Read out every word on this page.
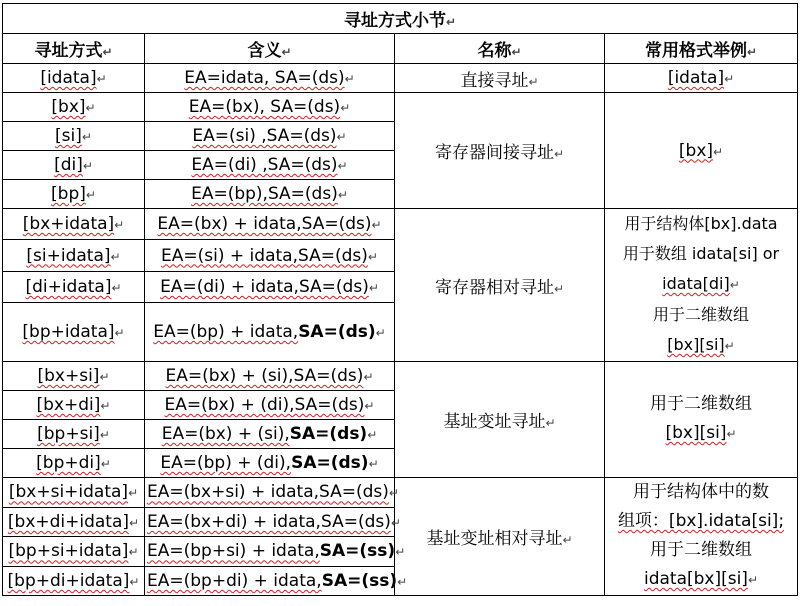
寻址方式小节↵			
寻址方式↵	含义↵	名称↵	常用格式举例↵
[idata]↵	EA=idata, SA=(ds)↵	直接寻址↵	[idata]↵
[bx]↵	EA=(bx), SA=(ds)↵	寄存器间接寻址↵	[bx]↵
[si]↵	EA=(si) ,SA=(ds)↵		
[di]↵	EA=(di) ,SA=(ds)↵		
[bp]↵	EA=(bp),SA=(ds)↵		
[bx+idata]↵	EA=(bx) + idata,SA=(ds)↵	寄存器相对寻址↵	用于结构体[bx].data
用于数组 idata[si] or
idata[di]↵
用于二维数组
[bx][si]↵

[si+idata]↵	EA=(si) + idata,SA=(ds)↵		
[di+idata]↵	EA=(di) + idata,SA=(ds)↵		
[bp+idata]↵	EA=(bp) + idata,SA=(ds)↵		
[bx+si]↵	EA=(bx) + (si),SA=(ds)↵	基址变址寻址↵	用于二维数组
[bx][si]↵

[bx+di]↵	EA=(bx) + (di),SA=(ds)↵		
[bp+si]↵	EA=(bx) + (si),SA=(ds)↵		
[bp+di]↵	EA=(bp) + (di),SA=(ds)↵		
[bx+si+idata]↵	EA=(bx+si) + idata,SA=(ds)↵	基址变址相对寻址↵	用于结构体中的数
组项：[bx].idata[si];
用于二维数组
idata[bx][si]↵

[bx+di+idata]↵	EA=(bx+di) + idata,SA=(ds)↵		
[bp+si+idata]↵	EA=(bp+si) + idata,SA=(ss)↵		
[bp+di+idata]↵	EA=(bp+di) + idata,SA=(ss)↵		
